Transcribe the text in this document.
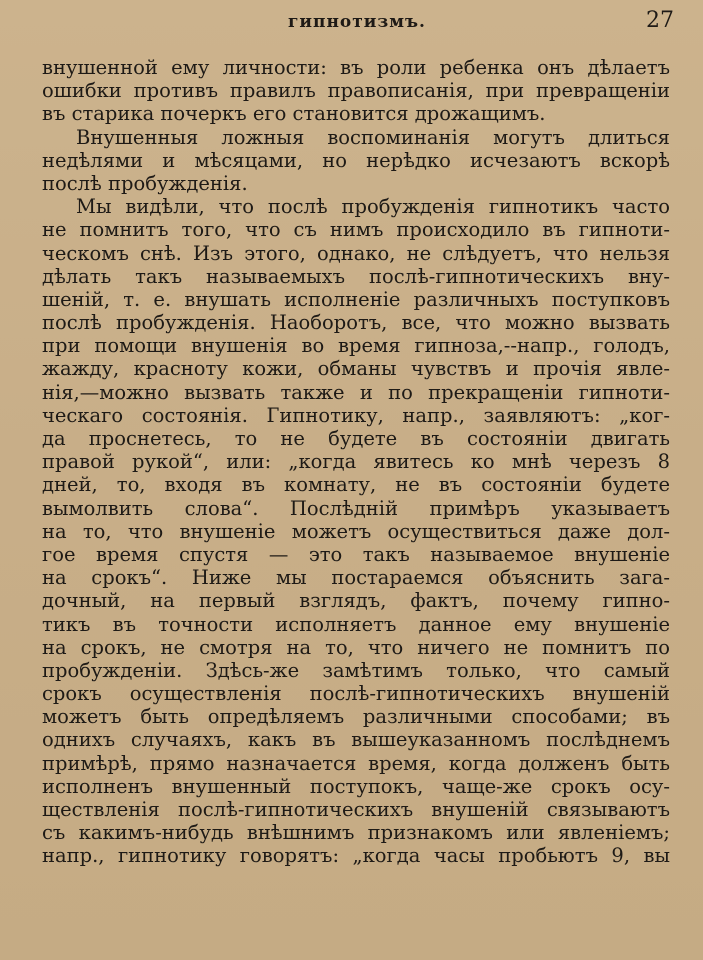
гипнотизмъ.	27
внушенной ему личности: въ роли ребенка онъ дѣлаетъ
ошибки противъ правилъ правописанія, при превращеніи
въ старика почеркъ его становится дрожащимъ.
Внушенныя ложныя воспоминанія могутъ длиться
недѣлями и мѣсяцами, но нерѣдко исчезаютъ вскорѣ
послѣ пробужденія.
Мы видѣли, что послѣ пробужденія гипнотикъ часто
не помнитъ того, что съ нимъ происходило въ гипноти-
ческомъ снѣ. Изъ этого, однако, не слѣдуетъ, что нельзя
дѣлать такъ называемыхъ послѣ-гипнотическихъ вну-
шеній, т. е. внушать исполненіе различныхъ поступковъ
послѣ пробужденія. Наоборотъ, все, что можно вызвать
при помощи внушенія во время гипноза,--напр., голодъ,
жажду, красноту кожи, обманы чувствъ и прочія явле-
нія,—можно вызвать также и по прекращеніи гипноти-
ческаго состоянія. Гипнотику, напр., заявляютъ: „ког-
да проснетесь, то не будете въ состояніи двигать
правой рукой“, или: „когда явитесь ко мнѣ черезъ 8
дней, то, входя въ комнату, не въ состояніи будете
вымолвить слова“. Послѣдній примѣръ указываетъ
на то, что внушеніе можетъ осуществиться даже дол-
гое время спустя — это такъ называемое внушеніе
на срокъ“. Ниже мы постараемся объяснить зага-
дочный, на первый взглядъ, фактъ, почему гипно-
тикъ въ точности исполняетъ данное ему внушеніе
на срокъ, не смотря на то, что ничего не помнитъ по
пробужденіи. Здѣсь-же замѣтимъ только, что самый
срокъ осуществленія послѣ-гипнотическихъ внушеній
можетъ быть опредѣляемъ различными способами; въ
однихъ случаяхъ, какъ въ вышеуказанномъ послѣднемъ
примѣрѣ, прямо назначается время, когда долженъ быть
исполненъ внушенный поступокъ, чаще-же срокъ осу-
ществленія послѣ-гипнотическихъ внушеній связываютъ
съ какимъ-нибудь внѣшнимъ признакомъ или явленіемъ;
напр., гипнотику говорятъ: „когда часы пробьютъ 9, вы
